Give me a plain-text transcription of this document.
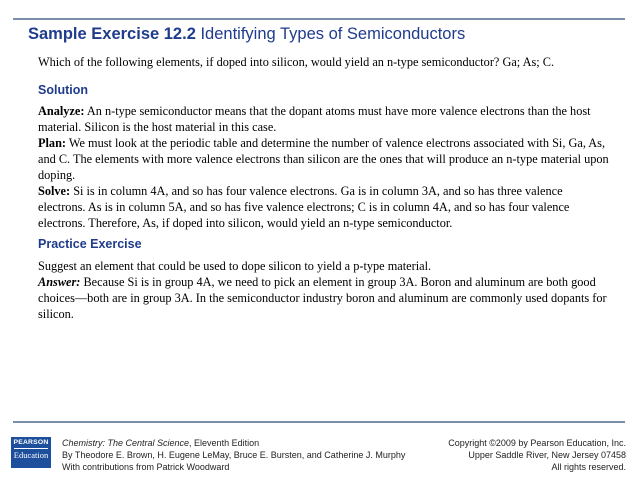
Sample Exercise 12.2 Identifying Types of Semiconductors
Which of the following elements, if doped into silicon, would yield an n-type semiconductor? Ga; As; C.
Solution

Analyze: An n-type semiconductor means that the dopant atoms must have more valence electrons than the host material. Silicon is the host material in this case.

Plan: We must look at the periodic table and determine the number of valence electrons associated with Si, Ga, As, and C. The elements with more valence electrons than silicon are the ones that will produce an n-type material upon doping.

Solve: Si is in column 4A, and so has four valence electrons. Ga is in column 3A, and so has three valence electrons. As is in column 5A, and so has five valence electrons; C is in column 4A, and so has four valence electrons. Therefore, As, if doped into silicon, would yield an n-type semiconductor.

Practice Exercise

Suggest an element that could be used to dope silicon to yield a p-type material.

Answer: Because Si is in group 4A, we need to pick an element in group 3A. Boron and aluminum are both good choices—both are in group 3A. In the semiconductor industry boron and aluminum are commonly used dopants for silicon.

PEARSON
Education
Chemistry: The Central Science, Eleventh Edition
By Theodore E. Brown, H. Eugene LeMay, Bruce E. Bursten, and Catherine J. Murphy
With contributions from Patrick Woodward
Copyright ©2009 by Pearson Education, Inc.
Upper Saddle River, New Jersey 07458
All rights reserved.
